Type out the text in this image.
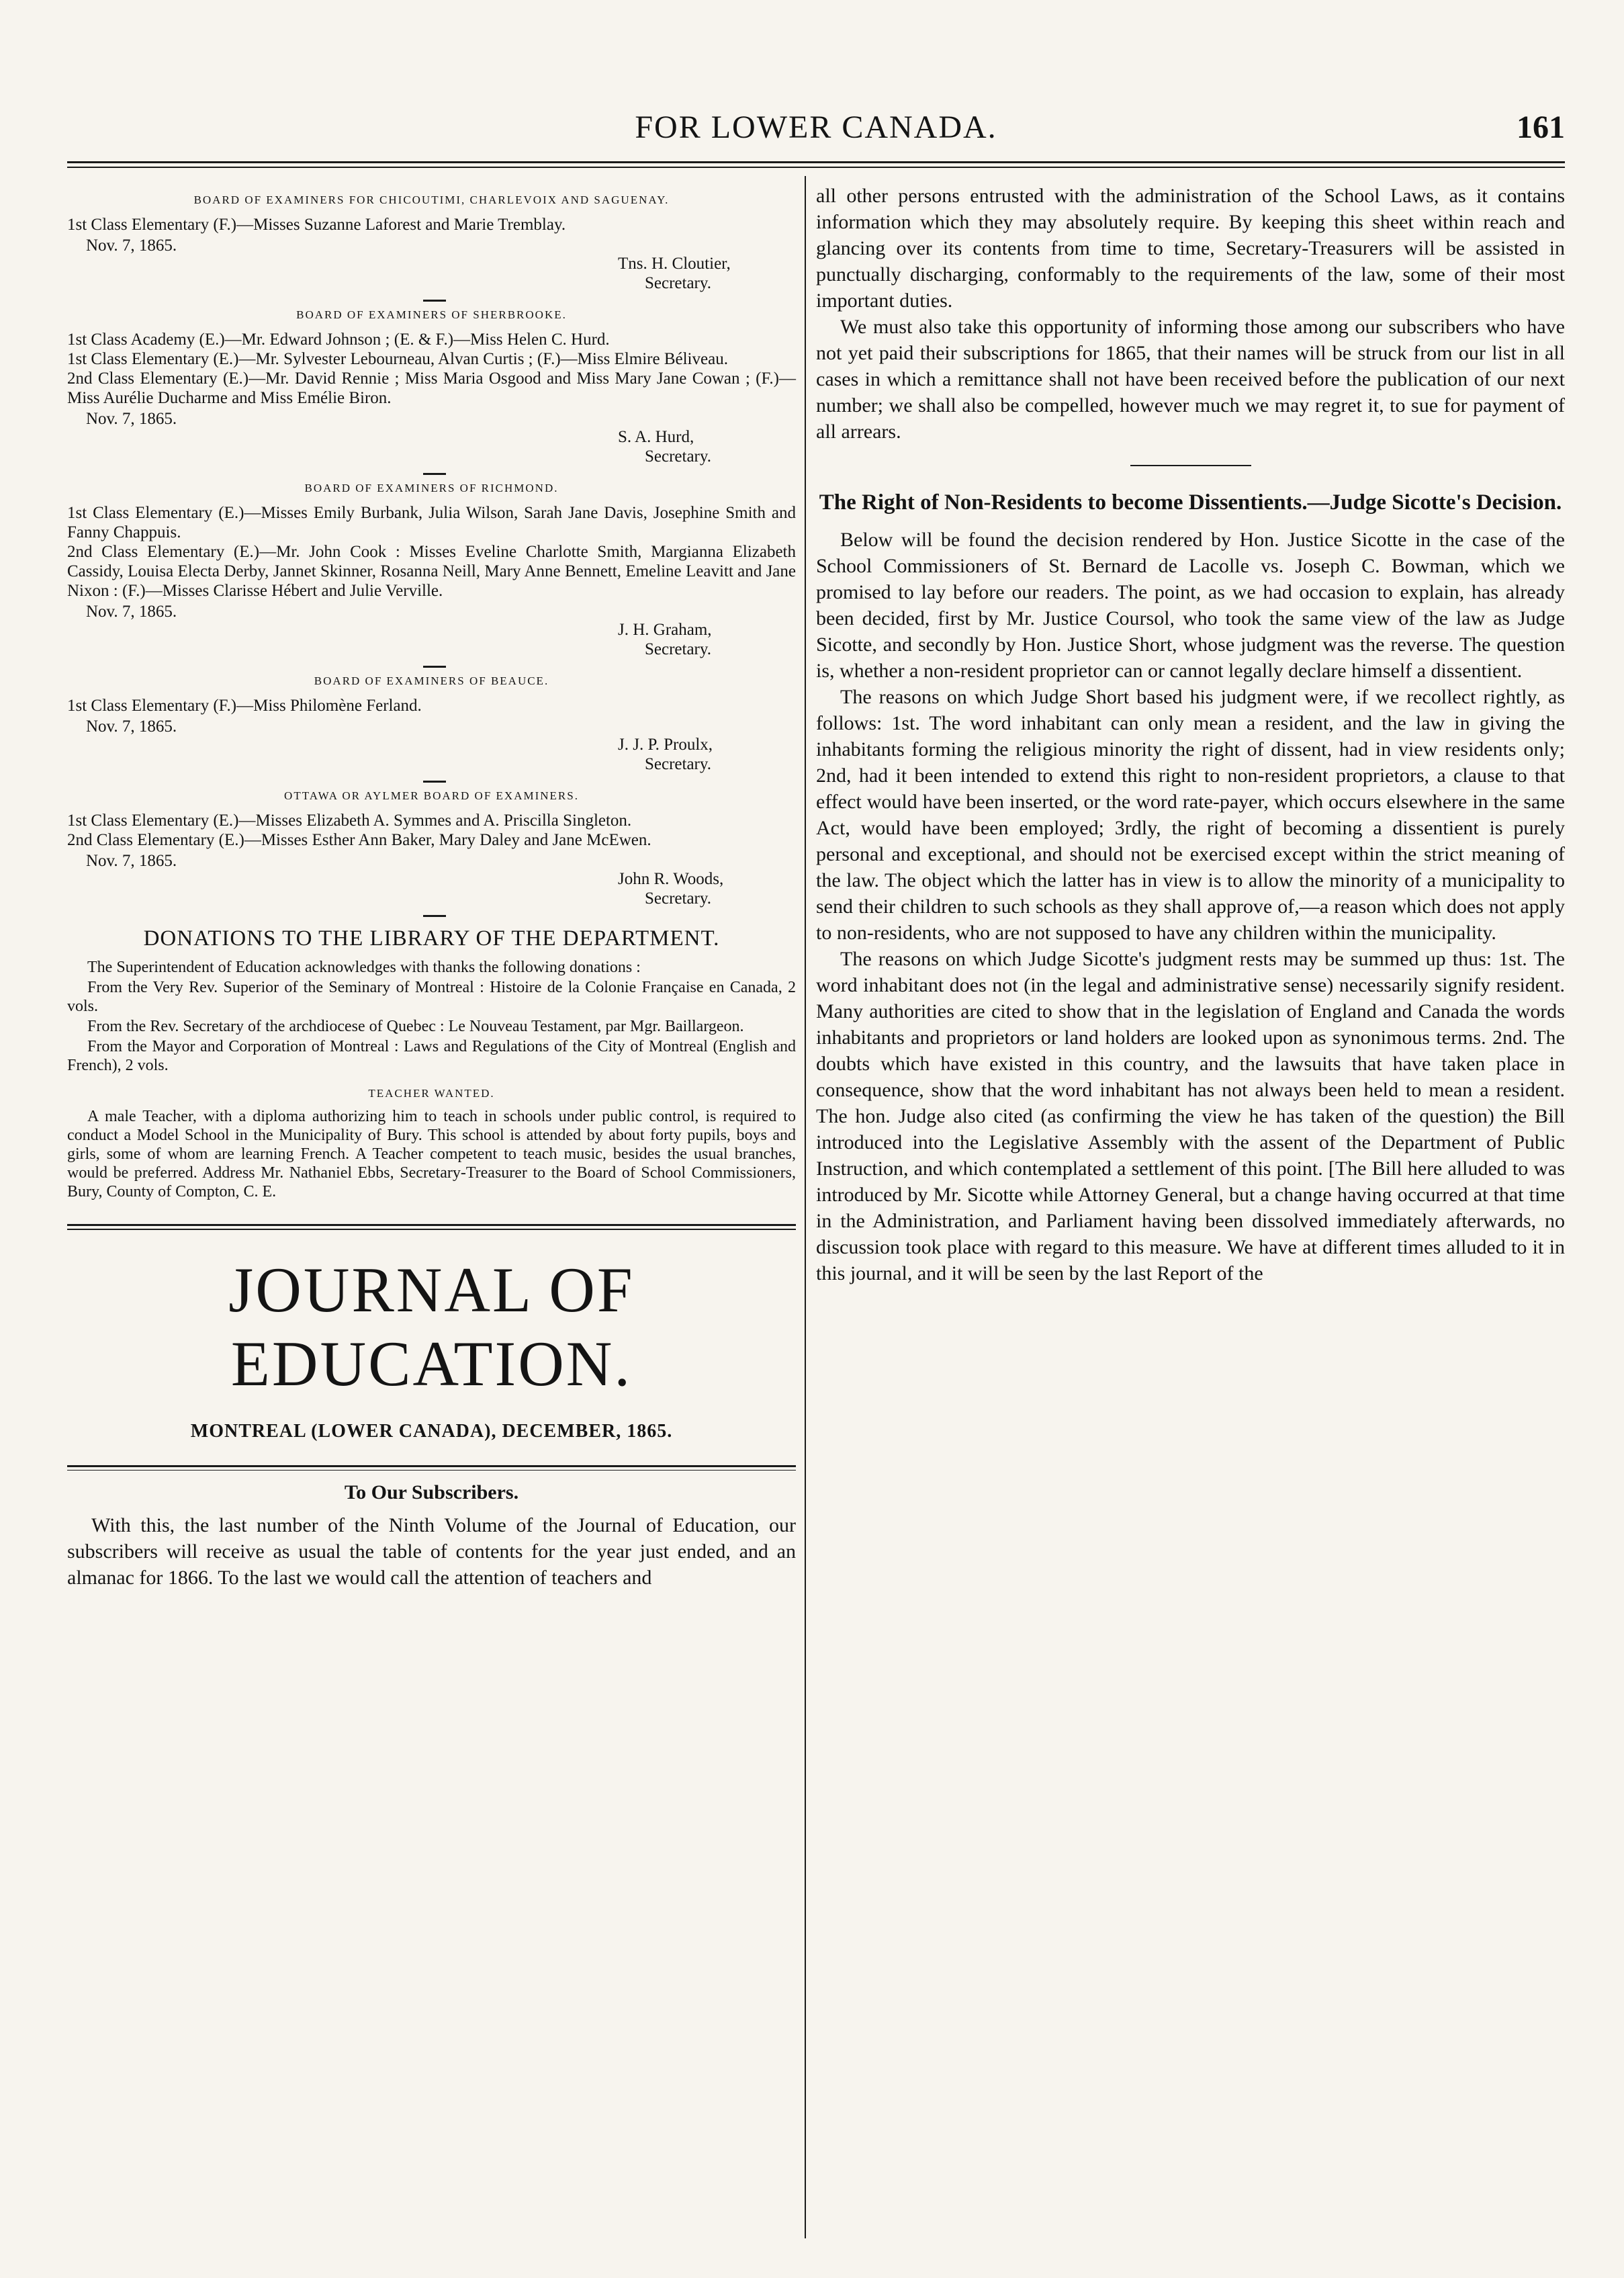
FOR LOWER CANADA.	161
BOARD OF EXAMINERS FOR CHICOUTIMI, CHARLEVOIX AND SAGUENAY.

1st Class Elementary (F.)—Misses Suzanne Laforest and Marie Tremblay.

Nov. 7, 1865.
Tns. H. Cloutier,
Secretary.
BOARD OF EXAMINERS OF SHERBROOKE.

1st Class Academy (E.)—Mr. Edward Johnson ; (E. & F.)—Miss Helen C. Hurd.

1st Class Elementary (E.)—Mr. Sylvester Lebourneau, Alvan Curtis ; (F.)—Miss Elmire Béliveau.

2nd Class Elementary (E.)—Mr. David Rennie ; Miss Maria Osgood and Miss Mary Jane Cowan ; (F.)—Miss Aurélie Ducharme and Miss Emélie Biron.

Nov. 7, 1865.
S. A. Hurd,
Secretary.
BOARD OF EXAMINERS OF RICHMOND.

1st Class Elementary (E.)—Misses Emily Burbank, Julia Wilson, Sarah Jane Davis, Josephine Smith and Fanny Chappuis.

2nd Class Elementary (E.)—Mr. John Cook : Misses Eveline Charlotte Smith, Margianna Elizabeth Cassidy, Louisa Electa Derby, Jannet Skinner, Rosanna Neill, Mary Anne Bennett, Emeline Leavitt and Jane Nixon : (F.)—Misses Clarisse Hébert and Julie Verville.

Nov. 7, 1865.
J. H. Graham,
Secretary.
BOARD OF EXAMINERS OF BEAUCE.

1st Class Elementary (F.)—Miss Philomène Ferland.

Nov. 7, 1865.
J. J. P. Proulx,
Secretary.
OTTAWA OR AYLMER BOARD OF EXAMINERS.

1st Class Elementary (E.)—Misses Elizabeth A. Symmes and A. Priscilla Singleton.

2nd Class Elementary (E.)—Misses Esther Ann Baker, Mary Daley and Jane McEwen.

Nov. 7, 1865.
John R. Woods,
Secretary.
DONATIONS TO THE LIBRARY OF THE DEPARTMENT.

The Superintendent of Education acknowledges with thanks the following donations :

From the Very Rev. Superior of the Seminary of Montreal : Histoire de la Colonie Française en Canada, 2 vols.

From the Rev. Secretary of the archdiocese of Quebec : Le Nouveau Testament, par Mgr. Baillargeon.

From the Mayor and Corporation of Montreal : Laws and Regulations of the City of Montreal (English and French), 2 vols.

TEACHER WANTED.

A male Teacher, with a diploma authorizing him to teach in schools under public control, is required to conduct a Model School in the Municipality of Bury. This school is attended by about forty pupils, boys and girls, some of whom are learning French. A Teacher competent to teach music, besides the usual branches, would be preferred. Address Mr. Nathaniel Ebbs, Secretary-Treasurer to the Board of School Commissioners, Bury, County of Compton, C. E.

JOURNAL OF EDUCATION.
MONTREAL (LOWER CANADA), DECEMBER, 1865.
To Our Subscribers.

With this, the last number of the Ninth Volume of the Journal of Education, our subscribers will receive as usual the table of contents for the year just ended, and an almanac for 1866. To the last we would call the attention of teachers and

all other persons entrusted with the administration of the School Laws, as it contains information which they may absolutely require. By keeping this sheet within reach and glancing over its contents from time to time, Secretary-Treasurers will be assisted in punctually discharging, conformably to the requirements of the law, some of their most important duties.

We must also take this opportunity of informing those among our subscribers who have not yet paid their subscriptions for 1865, that their names will be struck from our list in all cases in which a remittance shall not have been received before the publication of our next number; we shall also be compelled, however much we may regret it, to sue for payment of all arrears.

The Right of Non-Residents to become Dissentients.—Judge Sicotte's Decision.

Below will be found the decision rendered by Hon. Justice Sicotte in the case of the School Commissioners of St. Bernard de Lacolle vs. Joseph C. Bowman, which we promised to lay before our readers. The point, as we had occasion to explain, has already been decided, first by Mr. Justice Coursol, who took the same view of the law as Judge Sicotte, and secondly by Hon. Justice Short, whose judgment was the reverse. The question is, whether a non-resident proprietor can or cannot legally declare himself a dissentient.

The reasons on which Judge Short based his judgment were, if we recollect rightly, as follows: 1st. The word inhabitant can only mean a resident, and the law in giving the inhabitants forming the religious minority the right of dissent, had in view residents only; 2nd, had it been intended to extend this right to non-resident proprietors, a clause to that effect would have been inserted, or the word rate-payer, which occurs elsewhere in the same Act, would have been employed; 3rdly, the right of becoming a dissentient is purely personal and exceptional, and should not be exercised except within the strict meaning of the law. The object which the latter has in view is to allow the minority of a municipality to send their children to such schools as they shall approve of,—a reason which does not apply to non-residents, who are not supposed to have any children within the municipality.

The reasons on which Judge Sicotte's judgment rests may be summed up thus: 1st. The word inhabitant does not (in the legal and administrative sense) necessarily signify resident. Many authorities are cited to show that in the legislation of England and Canada the words inhabitants and proprietors or land holders are looked upon as synonimous terms. 2nd. The doubts which have existed in this country, and the lawsuits that have taken place in consequence, show that the word inhabitant has not always been held to mean a resident. The hon. Judge also cited (as confirming the view he has taken of the question) the Bill introduced into the Legislative Assembly with the assent of the Department of Public Instruction, and which contemplated a settlement of this point. [The Bill here alluded to was introduced by Mr. Sicotte while Attorney General, but a change having occurred at that time in the Administration, and Parliament having been dissolved immediately afterwards, no discussion took place with regard to this measure. We have at different times alluded to it in this journal, and it will be seen by the last Report of the
